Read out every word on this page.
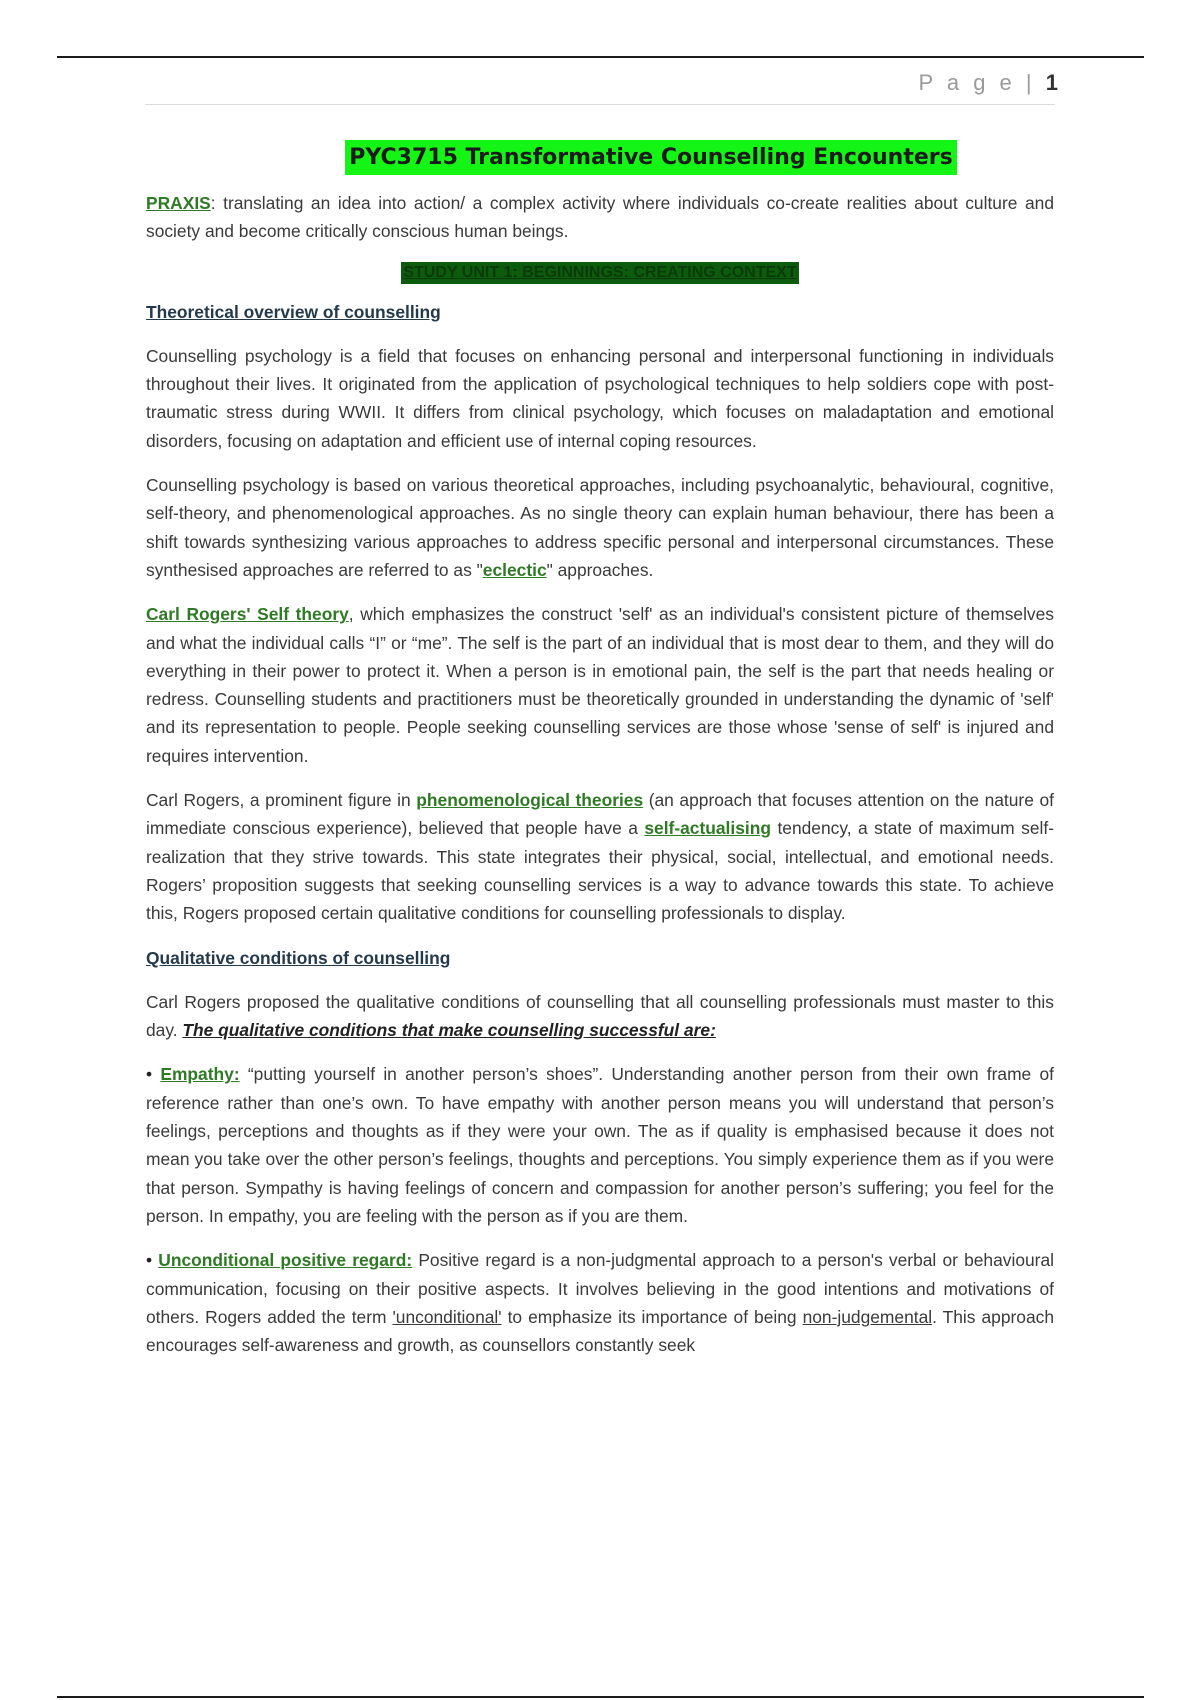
P a g e | 1
PYC3715 Transformative Counselling Encounters

PRAXIS: translating an idea into action/ a complex activity where individuals co-create realities about culture and society and become critically conscious human beings.

STUDY UNIT 1: BEGINNINGS: CREATING CONTEXT

Theoretical overview of counselling

Counselling psychology is a field that focuses on enhancing personal and interpersonal functioning in individuals throughout their lives. It originated from the application of psychological techniques to help soldiers cope with post-traumatic stress during WWII. It differs from clinical psychology, which focuses on maladaptation and emotional disorders, focusing on adaptation and efficient use of internal coping resources.

Counselling psychology is based on various theoretical approaches, including psychoanalytic, behavioural, cognitive, self-theory, and phenomenological approaches. As no single theory can explain human behaviour, there has been a shift towards synthesizing various approaches to address specific personal and interpersonal circumstances. These synthesised approaches are referred to as "eclectic" approaches.

Carl Rogers' Self theory, which emphasizes the construct 'self' as an individual's consistent picture of themselves and what the individual calls “I” or “me”. The self is the part of an individual that is most dear to them, and they will do everything in their power to protect it. When a person is in emotional pain, the self is the part that needs healing or redress. Counselling students and practitioners must be theoretically grounded in understanding the dynamic of 'self' and its representation to people. People seeking counselling services are those whose 'sense of self' is injured and requires intervention.

Carl Rogers, a prominent figure in phenomenological theories (an approach that focuses attention on the nature of immediate conscious experience), believed that people have a self-actualising tendency, a state of maximum self-realization that they strive towards. This state integrates their physical, social, intellectual, and emotional needs. Rogers’ proposition suggests that seeking counselling services is a way to advance towards this state. To achieve this, Rogers proposed certain qualitative conditions for counselling professionals to display.

Qualitative conditions of counselling

Carl Rogers proposed the qualitative conditions of counselling that all counselling professionals must master to this day. The qualitative conditions that make counselling successful are:

• Empathy: “putting yourself in another person’s shoes”. Understanding another person from their own frame of reference rather than one’s own. To have empathy with another person means you will understand that person’s feelings, perceptions and thoughts as if they were your own. The as if quality is emphasised because it does not mean you take over the other person’s feelings, thoughts and perceptions. You simply experience them as if you were that person. Sympathy is having feelings of concern and compassion for another person’s suffering; you feel for the person. In empathy, you are feeling with the person as if you are them.

• Unconditional positive regard: Positive regard is a non-judgmental approach to a person's verbal or behavioural communication, focusing on their positive aspects. It involves believing in the good intentions and motivations of others. Rogers added the term 'unconditional' to emphasize its importance of being non-judgemental. This approach encourages self-awareness and growth, as counsellors constantly seek
